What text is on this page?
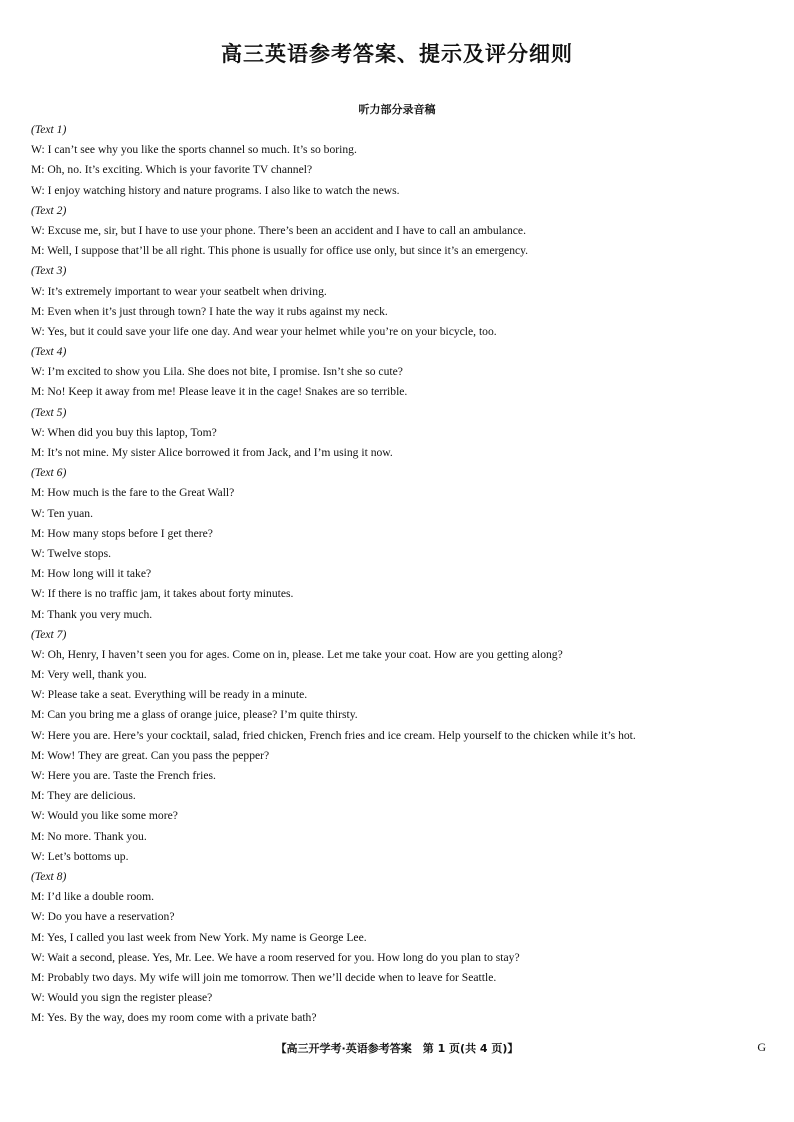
高三英语参考答案、提示及评分细则
听力部分录音稿
(Text 1)
W: I can’t see why you like the sports channel so much. It’s so boring.
M: Oh, no. It’s exciting. Which is your favorite TV channel?
W: I enjoy watching history and nature programs. I also like to watch the news.
(Text 2)
W: Excuse me, sir, but I have to use your phone. There’s been an accident and I have to call an ambulance.
M: Well, I suppose that’ll be all right. This phone is usually for office use only, but since it’s an emergency.
(Text 3)
W: It’s extremely important to wear your seatbelt when driving.
M: Even when it’s just through town? I hate the way it rubs against my neck.
W: Yes, but it could save your life one day. And wear your helmet while you’re on your bicycle, too.
(Text 4)
W: I’m excited to show you Lila. She does not bite, I promise. Isn’t she so cute?
M: No! Keep it away from me! Please leave it in the cage! Snakes are so terrible.
(Text 5)
W: When did you buy this laptop, Tom?
M: It’s not mine. My sister Alice borrowed it from Jack, and I’m using it now.
(Text 6)
M: How much is the fare to the Great Wall?
W: Ten yuan.
M: How many stops before I get there?
W: Twelve stops.
M: How long will it take?
W: If there is no traffic jam, it takes about forty minutes.
M: Thank you very much.
(Text 7)
W: Oh, Henry, I haven’t seen you for ages. Come on in, please. Let me take your coat. How are you getting along?
M: Very well, thank you.
W: Please take a seat. Everything will be ready in a minute.
M: Can you bring me a glass of orange juice, please? I’m quite thirsty.
W: Here you are. Here’s your cocktail, salad, fried chicken, French fries and ice cream. Help yourself to the chicken while it’s hot.
M: Wow! They are great. Can you pass the pepper?
W: Here you are. Taste the French fries.
M: They are delicious.
W: Would you like some more?
M: No more. Thank you.
W: Let’s bottoms up.
(Text 8)
M: I’d like a double room.
W: Do you have a reservation?
M: Yes, I called you last week from New York. My name is George Lee.
W: Wait a second, please. Yes, Mr. Lee. We have a room reserved for you. How long do you plan to stay?
M: Probably two days. My wife will join me tomorrow. Then we’ll decide when to leave for Seattle.
W: Would you sign the register please?
M: Yes. By the way, does my room come with a private bath?
【高三开学考·英语参考答案　第 1 页(共 4 页)】	G
